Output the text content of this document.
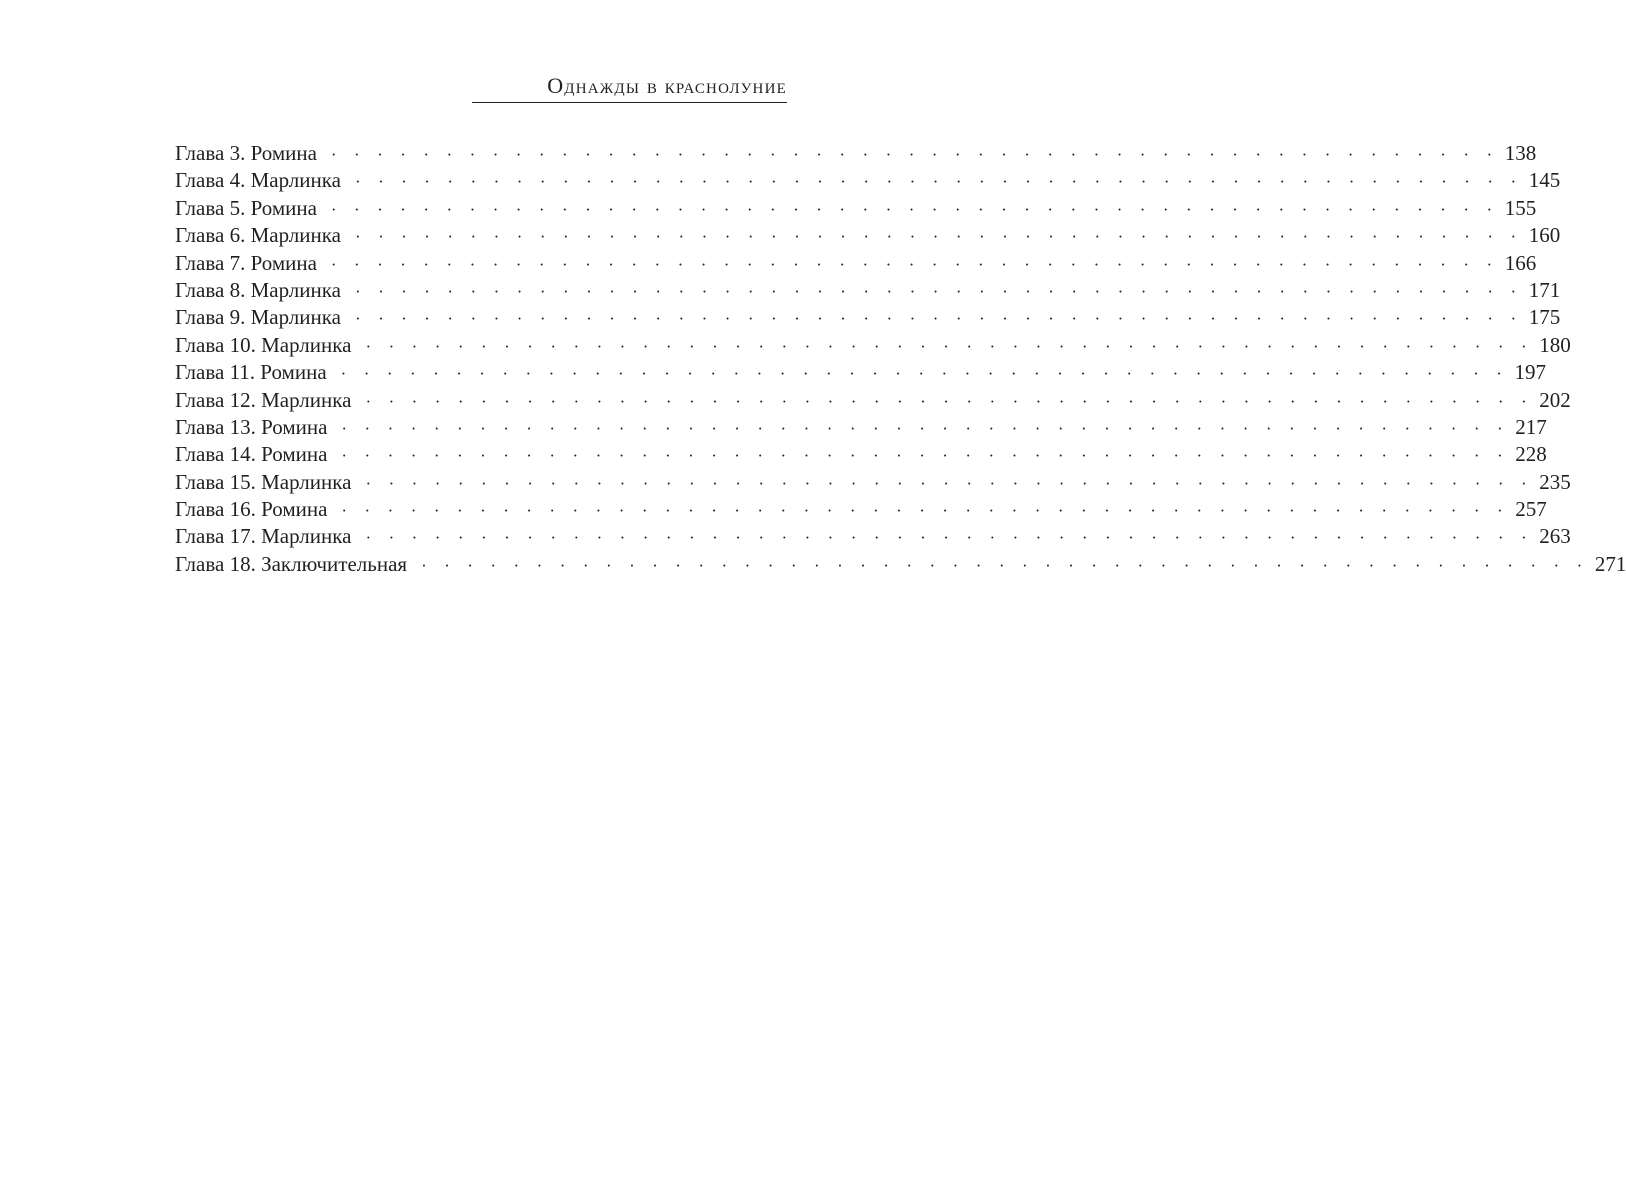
Однажды в краснолуние
Глава 3. Ромина · · · · · · · · · · · · · · · · · · · · · · · · · · · · · · · · · · · · · · · · · · · · · · · · · · · 138
Глава 4. Марлинка · · · · · · · · · · · · · · · · · · · · · · · · · · · · · · · · · · · · · · · · · · · · · · · · · · · 145
Глава 5. Ромина · · · · · · · · · · · · · · · · · · · · · · · · · · · · · · · · · · · · · · · · · · · · · · · · · · · 155
Глава 6. Марлинка · · · · · · · · · · · · · · · · · · · · · · · · · · · · · · · · · · · · · · · · · · · · · · · · · · · 160
Глава 7. Ромина · · · · · · · · · · · · · · · · · · · · · · · · · · · · · · · · · · · · · · · · · · · · · · · · · · · 166
Глава 8. Марлинка · · · · · · · · · · · · · · · · · · · · · · · · · · · · · · · · · · · · · · · · · · · · · · · · · · · 171
Глава 9. Марлинка · · · · · · · · · · · · · · · · · · · · · · · · · · · · · · · · · · · · · · · · · · · · · · · · · · · 175
Глава 10. Марлинка · · · · · · · · · · · · · · · · · · · · · · · · · · · · · · · · · · · · · · · · · · · · · · · · · · · 180
Глава 11. Ромина · · · · · · · · · · · · · · · · · · · · · · · · · · · · · · · · · · · · · · · · · · · · · · · · · · · 197
Глава 12. Марлинка · · · · · · · · · · · · · · · · · · · · · · · · · · · · · · · · · · · · · · · · · · · · · · · · · · · 202
Глава 13. Ромина · · · · · · · · · · · · · · · · · · · · · · · · · · · · · · · · · · · · · · · · · · · · · · · · · · · 217
Глава 14. Ромина · · · · · · · · · · · · · · · · · · · · · · · · · · · · · · · · · · · · · · · · · · · · · · · · · · · 228
Глава 15. Марлинка · · · · · · · · · · · · · · · · · · · · · · · · · · · · · · · · · · · · · · · · · · · · · · · · · · · 235
Глава 16. Ромина · · · · · · · · · · · · · · · · · · · · · · · · · · · · · · · · · · · · · · · · · · · · · · · · · · · 257
Глава 17. Марлинка · · · · · · · · · · · · · · · · · · · · · · · · · · · · · · · · · · · · · · · · · · · · · · · · · · · 263
Глава 18. Заключительная · · · · · · · · · · · · · · · · · · · · · · · · · · · · · · · · · · · · · · · · · · · · · · · · · · · 271
